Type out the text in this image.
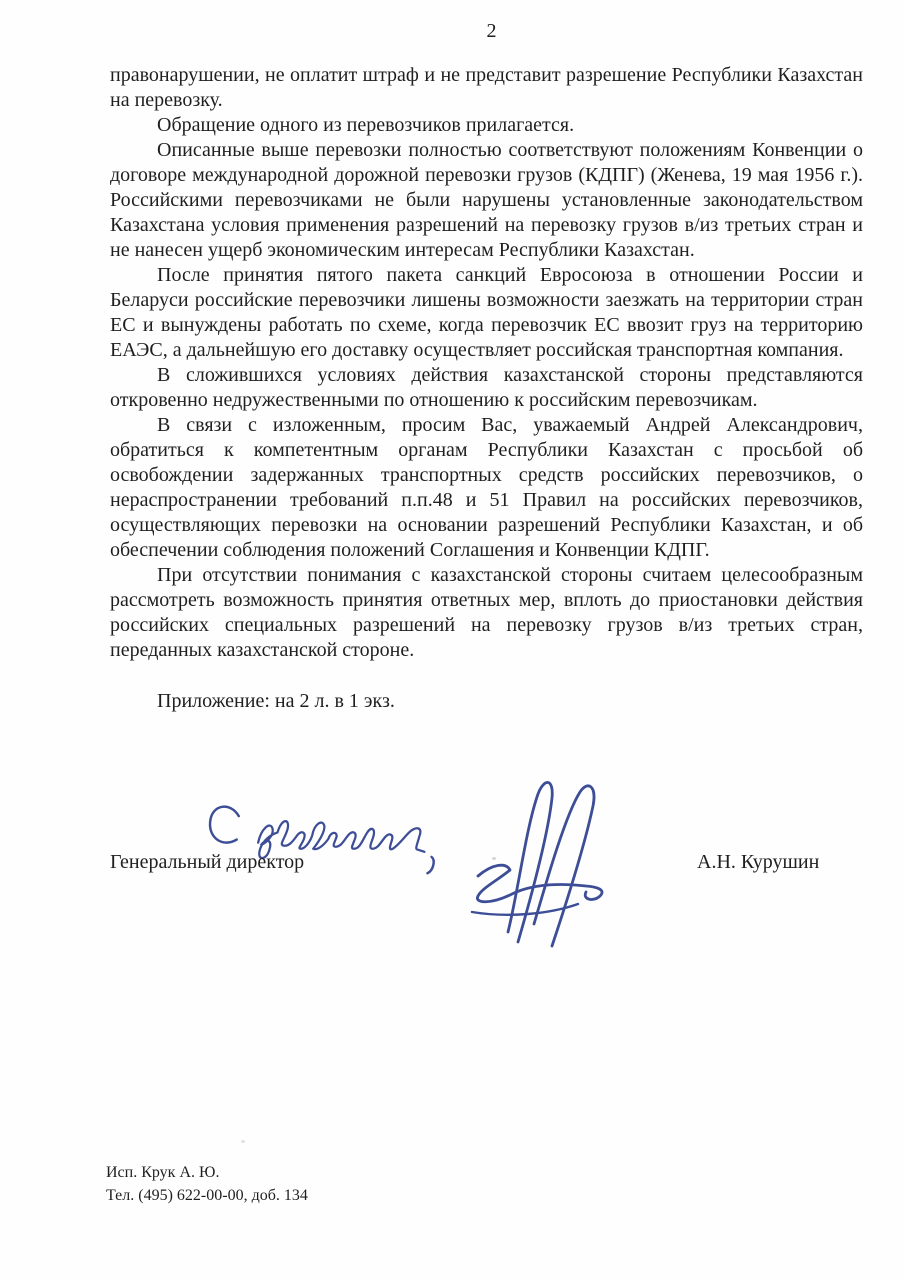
2

правонарушении, не оплатит штраф и не представит разрешение Республики Казахстан на перевозку.

Обращение одного из перевозчиков прилагается.

Описанные выше перевозки полностью соответствуют положениям Конвенции о договоре международной дорожной перевозки грузов (КДПГ) (Женева, 19 мая 1956 г.). Российскими перевозчиками не были нарушены установленные законодательством Казахстана условия применения разрешений на перевозку грузов в/из третьих стран и не нанесен ущерб экономическим интересам Республики Казахстан.

После принятия пятого пакета санкций Евросоюза в отношении России и Беларуси российские перевозчики лишены возможности заезжать на территории стран ЕС и вынуждены работать по схеме, когда перевозчик ЕС ввозит груз на территорию ЕАЭС, а дальнейшую его доставку осуществляет российская транспортная компания.

В сложившихся условиях действия казахстанской стороны представляются откровенно недружественными по отношению к российским перевозчикам.

В связи с изложенным, просим Вас, уважаемый Андрей Александрович, обратиться к компетентным органам Республики Казахстан с просьбой об освобождении задержанных транспортных средств российских перевозчиков, о нераспространении требований п.п.48 и 51 Правил на российских перевозчиков, осуществляющих перевозки на основании разрешений Республики Казахстан, и об обеспечении соблюдения положений Соглашения и Конвенции КДПГ.

При отсутствии понимания с казахстанской стороны считаем целесообразным рассмотреть возможность принятия ответных мер, вплоть до приостановки действия российских специальных разрешений на перевозку грузов в/из третьих стран, переданных казахстанской стороне.

Приложение: на 2 л. в 1 экз.

Генеральный директор	А.Н. Курушин
Исп. Крук А. Ю.
Тел. (495) 622-00-00, доб. 134
